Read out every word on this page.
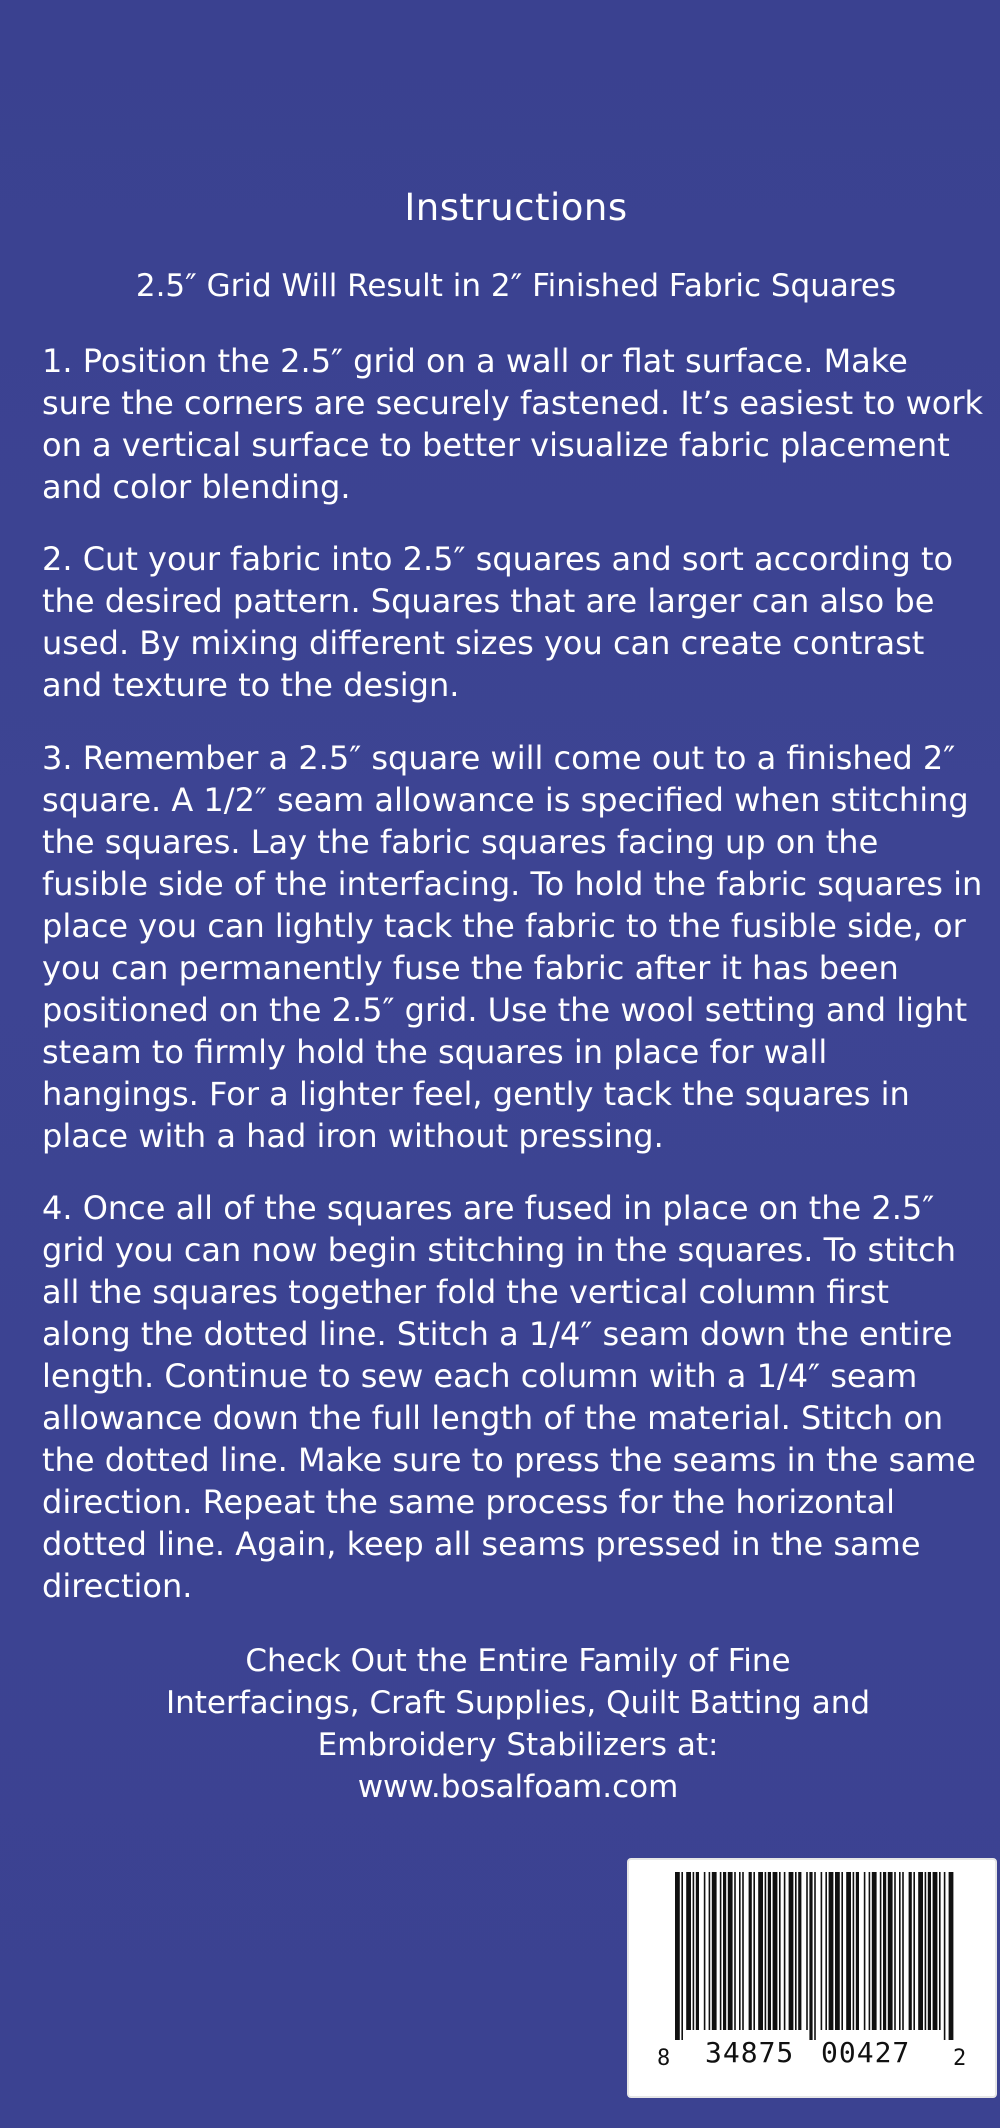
Instructions
2.5″ Grid Will Result in 2″ Finished Fabric Squares

1. Position the 2.5″ grid on a wall or flat surface. Make sure the corners are securely fastened. It’s easiest to work on a vertical surface to better visualize fabric placement and color blending.

2. Cut your fabric into 2.5″ squares and sort according to the desired pattern. Squares that are larger can also be used. By mixing different sizes you can create contrast and texture to the design.

3. Remember a 2.5″ square will come out to a finished 2″ square. A 1/2″ seam allowance is specified when stitching the squares. Lay the fabric squares facing up on the fusible side of the interfacing. To hold the fabric squares in place you can lightly tack the fabric to the fusible side, or you can permanently fuse the fabric after it has been positioned on the 2.5″ grid. Use the wool setting and light steam to firmly hold the squares in place for wall hangings. For a lighter feel, gently tack the squares in place with a had iron without pressing.

4. Once all of the squares are fused in place on the 2.5″ grid you can now begin stitching in the squares. To stitch all the squares together fold the vertical column first along the dotted line. Stitch a 1/4″ seam down the entire length. Continue to sew each column with a 1/4″ seam allowance down the full length of the material. Stitch on the dotted line. Make sure to press the seams in the same direction. Repeat the same process for the horizontal dotted line. Again, keep all seams pressed in the same direction.

Check Out the Entire Family of Fine
Interfacings, Craft Supplies, Quilt Batting and
Embroidery Stabilizers at:
www.bosalfoam.com
8 34875 00427 2
